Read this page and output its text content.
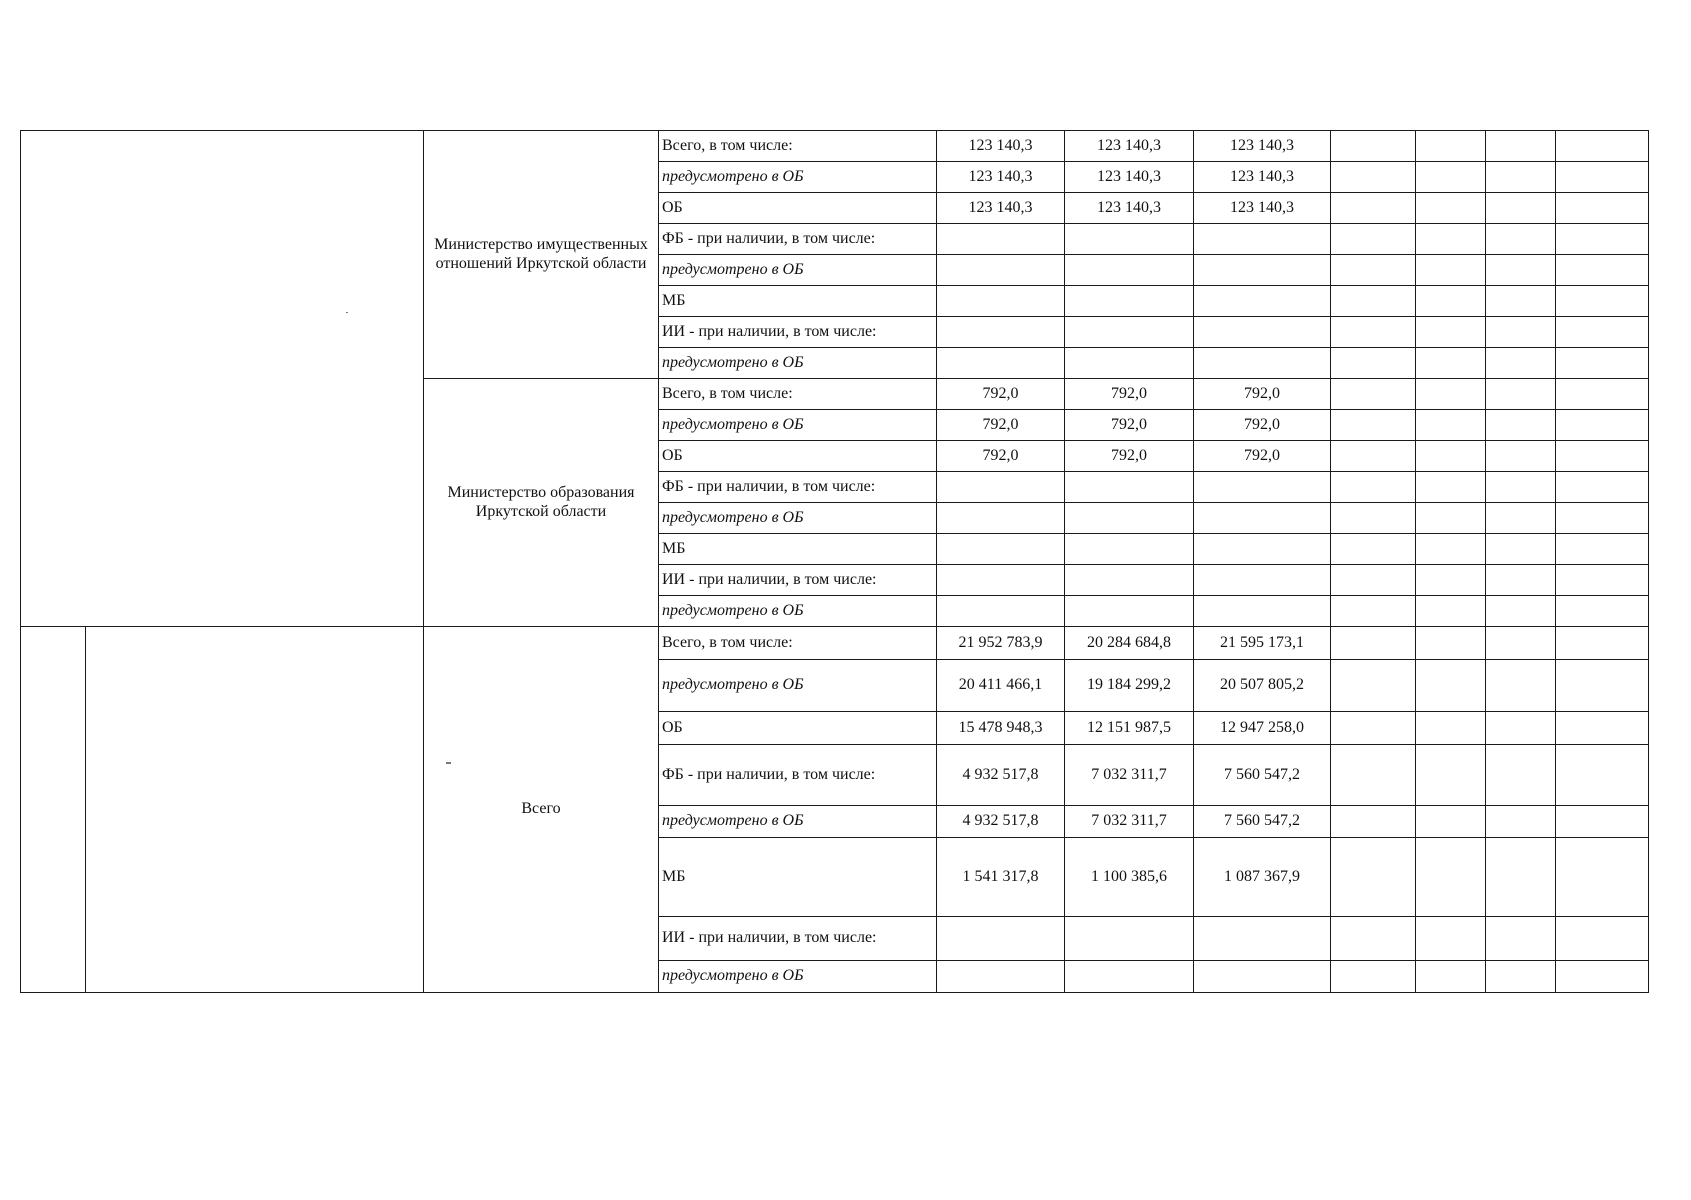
		Министерство имущественных отношений Иркутской области	Всего, в том числе:	123 140,3	123 140,3	123 140,3				
			предусмотрено в ОБ	123 140,3	123 140,3	123 140,3				
			ОБ	123 140,3	123 140,3	123 140,3				
			ФБ - при наличии, в том числе:							
			предусмотрено в ОБ							
			МБ							
			ИИ - при наличии, в том числе:							
			предусмотрено в ОБ							
		Министерство образования Иркутской области	Всего, в том числе:	792,0	792,0	792,0				
			предусмотрено в ОБ	792,0	792,0	792,0				
			ОБ	792,0	792,0	792,0				
			ФБ - при наличии, в том числе:							
			предусмотрено в ОБ							
			МБ							
			ИИ - при наличии, в том числе:							
			предусмотрено в ОБ							
		Всего	Всего, в том числе:	21 952 783,9	20 284 684,8	21 595 173,1				
			предусмотрено в ОБ	20 411 466,1	19 184 299,2	20 507 805,2				
			ОБ	15 478 948,3	12 151 987,5	12 947 258,0				
			ФБ - при наличии, в том числе:	4 932 517,8	7 032 311,7	7 560 547,2				
			предусмотрено в ОБ	4 932 517,8	7 032 311,7	7 560 547,2				
			МБ	1 541 317,8	1 100 385,6	1 087 367,9				
			ИИ - при наличии, в том числе:							
			предусмотрено в ОБ							
